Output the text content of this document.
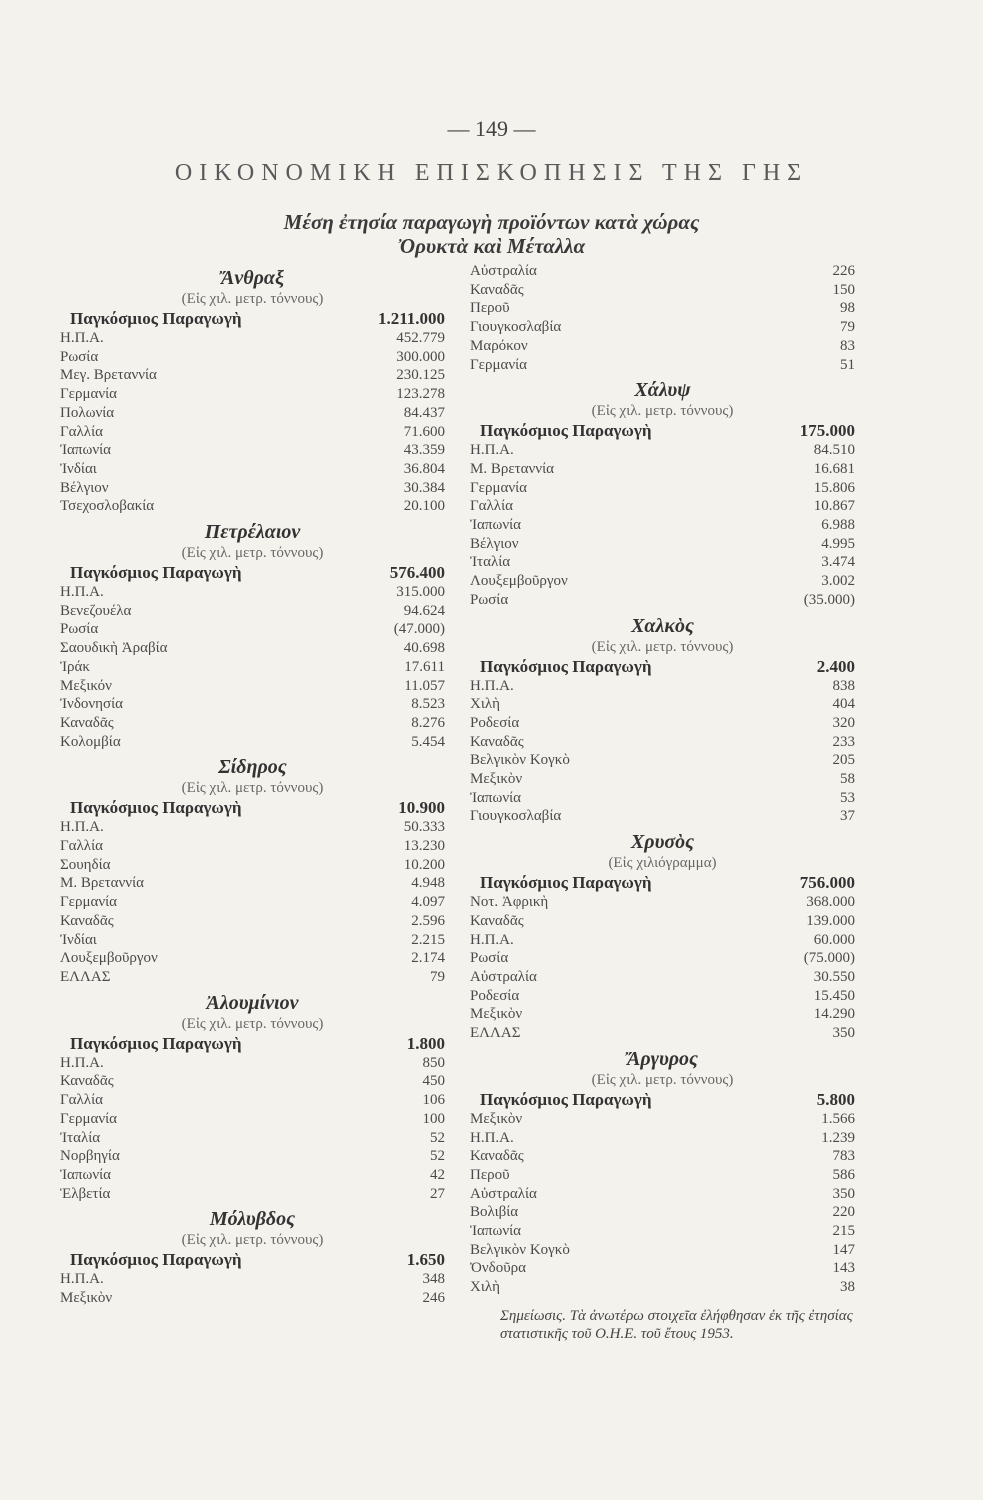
— 149 —
ΟΙΚΟΝΟΜΙΚΗ ΕΠΙΣΚΟΠΗΣΙΣ ΤΗΣ ΓΗΣ
Μέση ἐτησία παραγωγὴ προϊόντων κατὰ χώρας
Ὀρυκτὰ καὶ Μέταλλα
Ἄνθραξ
(Εἰς χιλ. μετρ. τόννους)
Παγκόσμιος Παραγωγὴ	1.211.000
Η.Π.Α.	452.779
Ρωσία	300.000
Μεγ. Βρεταννία	230.125
Γερμανία	123.278
Πολωνία	84.437
Γαλλία	71.600
Ἰαπωνία	43.359
Ἰνδίαι	36.804
Βέλγιον	30.384
Τσεχοσλοβακία	20.100
Πετρέλαιον
(Εἰς χιλ. μετρ. τόννους)
Παγκόσμιος Παραγωγὴ	576.400
Η.Π.Α.	315.000
Βενεζουέλα	94.624
Ρωσία	(47.000)
Σαουδικὴ Ἀραβία	40.698
Ἰράκ	17.611
Μεξικόν	11.057
Ἰνδονησία	8.523
Καναδᾶς	8.276
Κολομβία	5.454
Σίδηρος
(Εἰς χιλ. μετρ. τόννους)
Παγκόσμιος Παραγωγὴ	10.900
Η.Π.Α.	50.333
Γαλλία	13.230
Σουηδία	10.200
Μ. Βρεταννία	4.948
Γερμανία	4.097
Καναδᾶς	2.596
Ἰνδίαι	2.215
Λουξεμβοῦργον	2.174
ΕΛΛΑΣ	79
Ἀλουμίνιον
(Εἰς χιλ. μετρ. τόννους)
Παγκόσμιος Παραγωγὴ	1.800
Η.Π.Α.	850
Καναδᾶς	450
Γαλλία	106
Γερμανία	100
Ἰταλία	52
Νορβηγία	52
Ἰαπωνία	42
Ἑλβετία	27
Μόλυβδος
(Εἰς χιλ. μετρ. τόννους)
Παγκόσμιος Παραγωγὴ	1.650
Η.Π.Α.	348
Μεξικὸν	246
Αὐστραλία	226
Καναδᾶς	150
Περοῦ	98
Γιουγκοσλαβία	79
Μαρόκον	83
Γερμανία	51
Χάλυψ
(Εἰς χιλ. μετρ. τόννους)
Παγκόσμιος Παραγωγὴ	175.000
Η.Π.Α.	84.510
Μ. Βρεταννία	16.681
Γερμανία	15.806
Γαλλία	10.867
Ἰαπωνία	6.988
Βέλγιον	4.995
Ἰταλία	3.474
Λουξεμβοῦργον	3.002
Ρωσία	(35.000)
Χαλκὸς
(Εἰς χιλ. μετρ. τόννους)
Παγκόσμιος Παραγωγὴ	2.400
Η.Π.Α.	838
Χιλὴ	404
Ροδεσία	320
Καναδᾶς	233
Βελγικὸν Κογκὸ	205
Μεξικὸν	58
Ἰαπωνία	53
Γιουγκοσλαβία	37
Χρυσὸς
(Εἰς χιλιόγραμμα)
Παγκόσμιος Παραγωγὴ	756.000
Νοτ. Ἀφρικὴ	368.000
Καναδᾶς	139.000
Η.Π.Α.	60.000
Ρωσία	(75.000)
Αὐστραλία	30.550
Ροδεσία	15.450
Μεξικὸν	14.290
ΕΛΛΑΣ	350
Ἄργυρος
(Εἰς χιλ. μετρ. τόννους)
Παγκόσμιος Παραγωγὴ	5.800
Μεξικὸν	1.566
Η.Π.Α.	1.239
Καναδᾶς	783
Περοῦ	586
Αὐστραλία	350
Βολιβία	220
Ἰαπωνία	215
Βελγικὸν Κογκὸ	147
Ὀνδοῦρα	143
Χιλὴ	38
Σημείωσις. Τὰ ἀνωτέρω στοιχεῖα ἐλήφθησαν ἐκ τῆς ἐτησίας στατιστικῆς τοῦ Ο.Η.Ε. τοῦ ἔτους 1953.
